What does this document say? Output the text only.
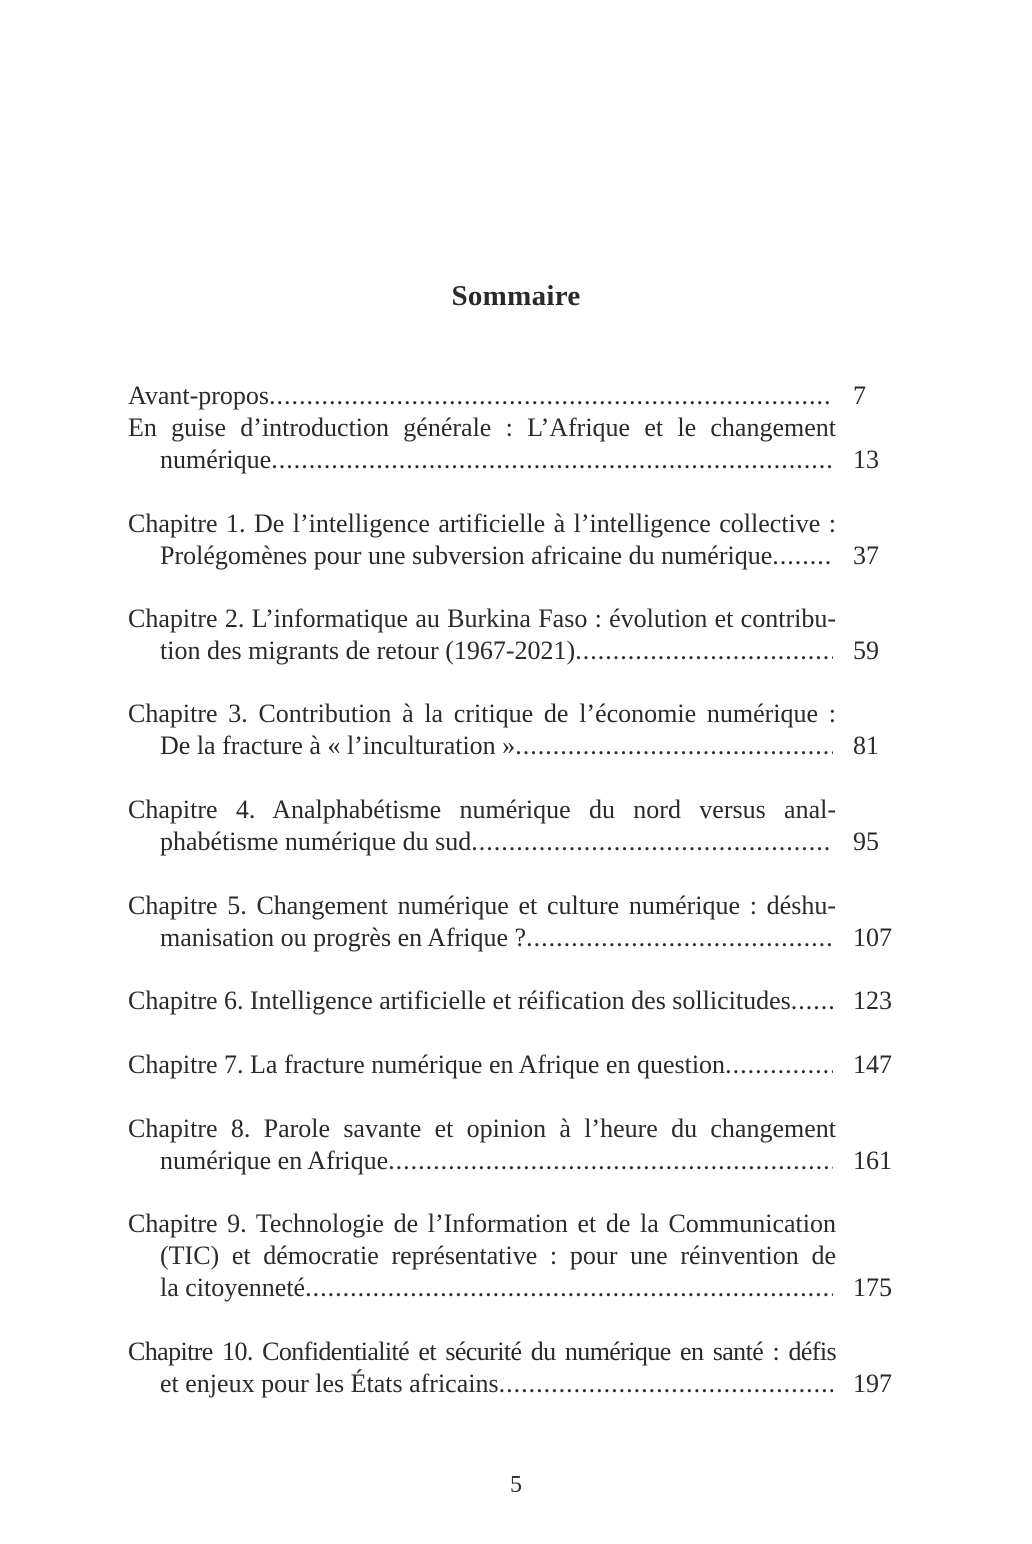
Sommaire
Avant-propos .....	7
En guise d’introduction générale : L’Afrique et le changement
numérique .....	13
Chapitre 1. De l’intelligence artificielle à l’intelligence collective :
Prolégomènes pour une subversion africaine du numérique .....	37
Chapitre 2. L’informatique au Burkina Faso : évolution et contribu-
tion des migrants de retour (1967-2021) .....	59
Chapitre 3. Contribution à la critique de l’économie numérique :
De la fracture à « l’inculturation » .....	81
Chapitre 4. Analphabétisme numérique du nord versus anal-
phabétisme numérique du sud .....	95
Chapitre 5. Changement numérique et culture numérique : déshu-
manisation ou progrès en Afrique ? .....	107
Chapitre 6. Intelligence artificielle et réification des sollicitudes .....	123
Chapitre 7. La fracture numérique en Afrique en question .....	147
Chapitre 8. Parole savante et opinion à l’heure du changement
numérique en Afrique .....	161
Chapitre 9. Technologie de l’Information et de la Communication
(TIC) et démocratie représentative : pour une réinvention de
la citoyenneté .....	175
Chapitre 10. Confidentialité et sécurité du numérique en santé : défis
et enjeux pour les États africains .....	197
5
